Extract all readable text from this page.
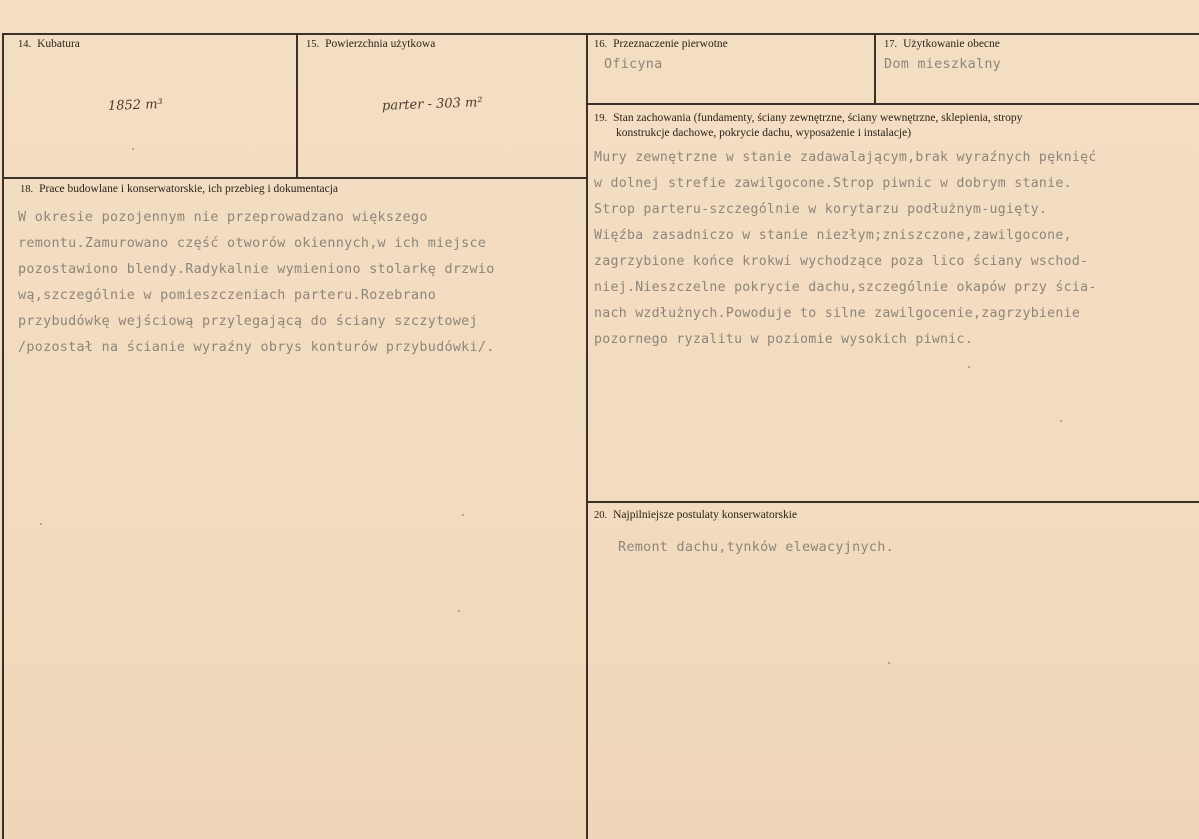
14. Kubatura
1852 m³
15. Powierzchnia użytkowa
parter - 303 m²
16. Przeznaczenie pierwotne
Oficyna
17. Użytkowanie obecne
Dom mieszkalny
18. Prace budowlane i konserwatorskie, ich przebieg i dokumentacja
W okresie pozojennym nie przeprowadzano większego
remontu.Zamurowano część otworów okiennych,w ich miejsce
pozostawiono blendy.Radykalnie wymieniono stolarkę drzwio
wą,szczególnie w pomieszczeniach parteru.Rozebrano
przybudówkę wejściową przylegającą do ściany szczytowej
/pozostał na ścianie wyraźny obrys konturów przybudówki/.
19. Stan zachowania (fundamenty, ściany zewnętrzne, ściany wewnętrzne, sklepienia, stropy
konstrukcje dachowe, pokrycie dachu, wyposażenie i instalacje)
Mury zewnętrzne w stanie zadawalającym,brak wyraźnych pęknięć
w dolnej strefie zawilgocone.Strop piwnic w dobrym stanie.
Strop parteru-szczególnie w korytarzu podłużnym-ugięty.
Więźba zasadniczo w stanie niezłym;zniszczone,zawilgocone,
zagrzybione końce krokwi wychodzące poza lico ściany wschod-
niej.Nieszczelne pokrycie dachu,szczególnie okapów przy ścia-
nach wzdłużnych.Powoduje to silne zawilgocenie,zagrzybienie
pozornego ryzalitu w poziomie wysokich piwnic.
20. Najpilniejsze postulaty konserwatorskie
Remont dachu,tynków elewacyjnych.
